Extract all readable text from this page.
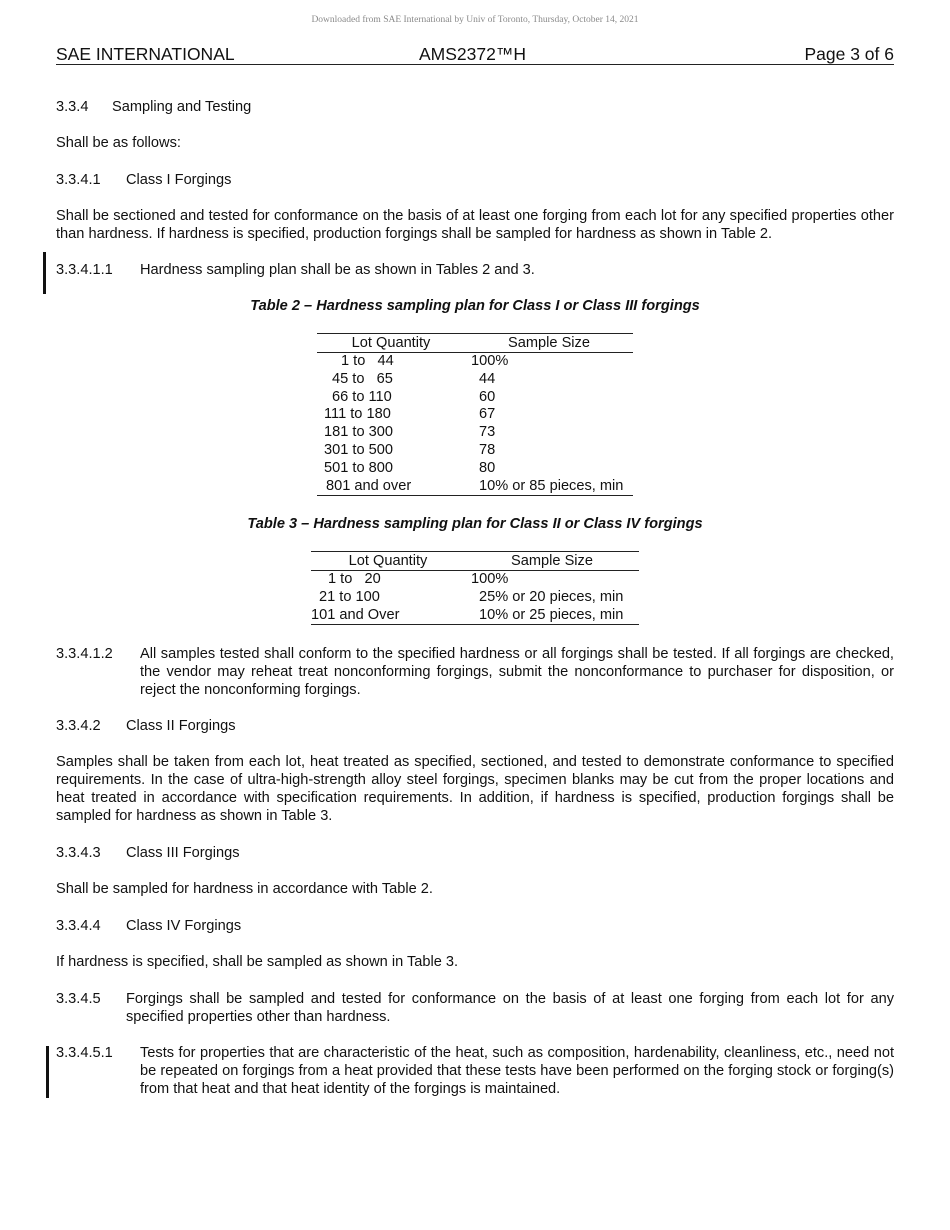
Downloaded from SAE International by Univ of Toronto, Thursday, October 14, 2021
SAE INTERNATIONAL	AMS2372™H	Page 3 of 6
3.3.4 Sampling and Testing
Shall be as follows:
3.3.4.1 Class I Forgings
Shall be sectioned and tested for conformance on the basis of at least one forging from each lot for any specified properties other than hardness. If hardness is specified, production forgings shall be sampled for hardness as shown in Table 2.
3.3.4.1.1 Hardness sampling plan shall be as shown in Tables 2 and 3.
Table 2 – Hardness sampling plan for Class I or Class III forgings
Lot Quantity	Sample Size
1 to   44	100%
45 to   65	44
66 to 110	60
111 to 180	67
181 to 300	73
301 to 500	78
501 to 800	80
801 and over	10% or 85 pieces, min
Table 3 – Hardness sampling plan for Class II or Class IV forgings
Lot Quantity	Sample Size
1 to   20	100%
21 to 100	25% or 20 pieces, min
101 and Over	10% or 25 pieces, min
3.3.4.1.2 All samples tested shall conform to the specified hardness or all forgings shall be tested. If all forgings are checked, the vendor may reheat treat nonconforming forgings, submit the nonconformance to purchaser for disposition, or reject the nonconforming forgings.
3.3.4.2 Class II Forgings
Samples shall be taken from each lot, heat treated as specified, sectioned, and tested to demonstrate conformance to specified requirements. In the case of ultra-high-strength alloy steel forgings, specimen blanks may be cut from the proper locations and heat treated in accordance with specification requirements. In addition, if hardness is specified, production forgings shall be sampled for hardness as shown in Table 3.
3.3.4.3 Class III Forgings
Shall be sampled for hardness in accordance with Table 2.
3.3.4.4 Class IV Forgings
If hardness is specified, shall be sampled as shown in Table 3.
3.3.4.5 Forgings shall be sampled and tested for conformance on the basis of at least one forging from each lot for any specified properties other than hardness.
3.3.4.5.1 Tests for properties that are characteristic of the heat, such as composition, hardenability, cleanliness, etc., need not be repeated on forgings from a heat provided that these tests have been performed on the forging stock or forging(s) from that heat and that heat identity of the forgings is maintained.
